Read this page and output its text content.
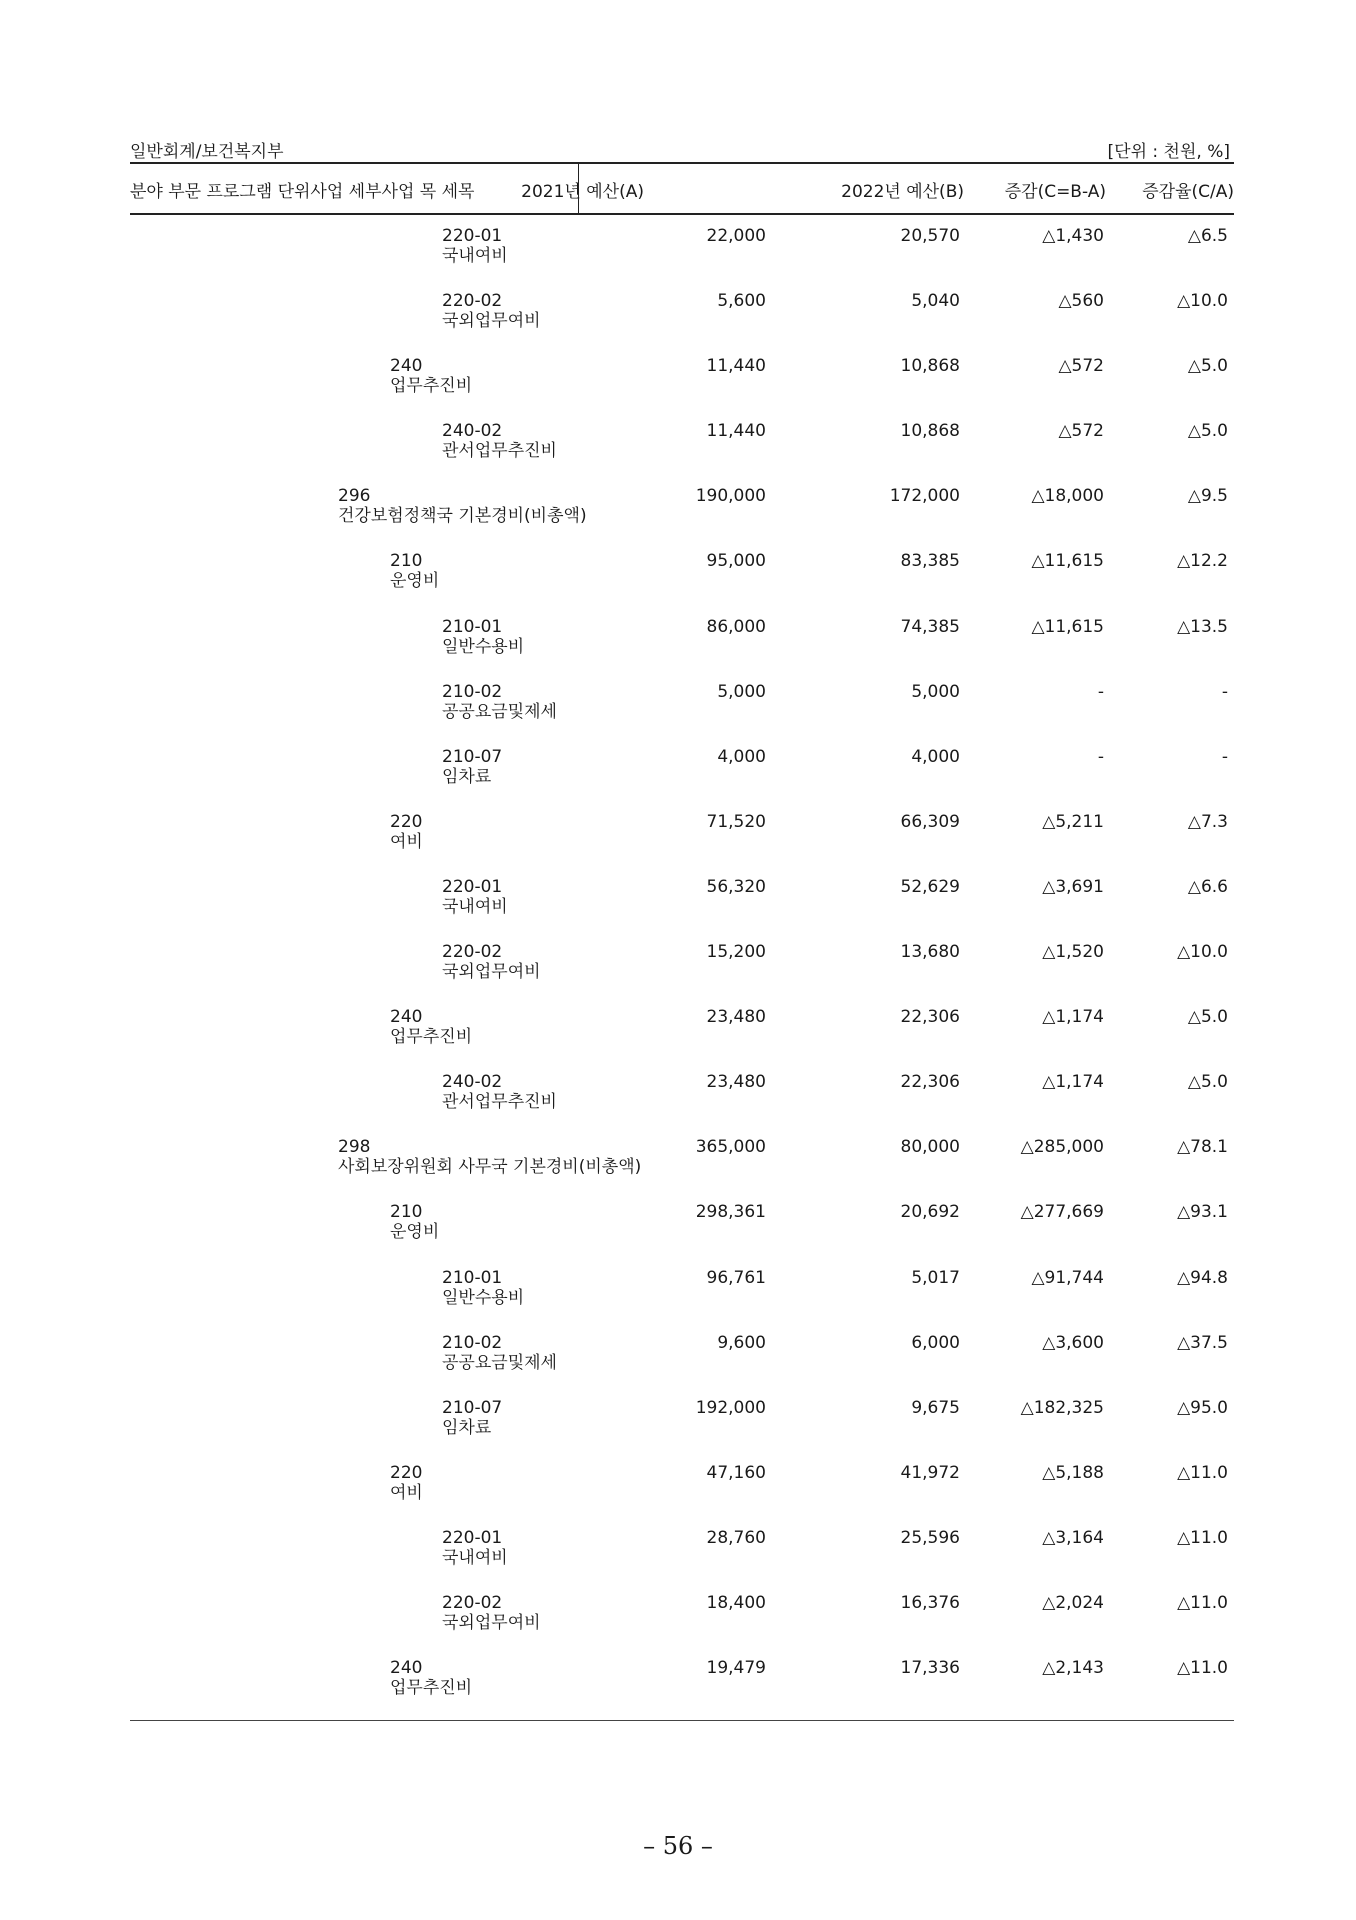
일반회계/보건복지부	[단위 : 천원, %]
분야 부문 프로그램 단위사업 세부사업 목 세목	2021년 예산(A)	2022년 예산(B) 증감(C=B-A) 증감율(C/A)
220-01
국내여비
22,000	20,570	△1,430	△6.5
220-02
국외업무여비
5,600	5,040	△560	△10.0
240
업무추진비
11,440	10,868	△572	△5.0
240-02
관서업무추진비
11,440	10,868	△572	△5.0
296
건강보험정책국 기본경비(비총액)
190,000	172,000	△18,000	△9.5
210
운영비
95,000	83,385	△11,615	△12.2
210-01
일반수용비
86,000	74,385	△11,615	△13.5
210-02
공공요금및제세
5,000	5,000	-	-
210-07
임차료
4,000	4,000	-	-
220
여비
71,520	66,309	△5,211	△7.3
220-01
국내여비
56,320	52,629	△3,691	△6.6
220-02
국외업무여비
15,200	13,680	△1,520	△10.0
240
업무추진비
23,480	22,306	△1,174	△5.0
240-02
관서업무추진비
23,480	22,306	△1,174	△5.0
298
사회보장위원회 사무국 기본경비(비총액)
365,000	80,000	△285,000	△78.1
210
운영비
298,361	20,692	△277,669	△93.1
210-01
일반수용비
96,761	5,017	△91,744	△94.8
210-02
공공요금및제세
9,600	6,000	△3,600	△37.5
210-07
임차료
192,000	9,675	△182,325	△95.0
220
여비
47,160	41,972	△5,188	△11.0
220-01
국내여비
28,760	25,596	△3,164	△11.0
220-02
국외업무여비
18,400	16,376	△2,024	△11.0
240
업무추진비
19,479	17,336	△2,143	△11.0
– 56 –
